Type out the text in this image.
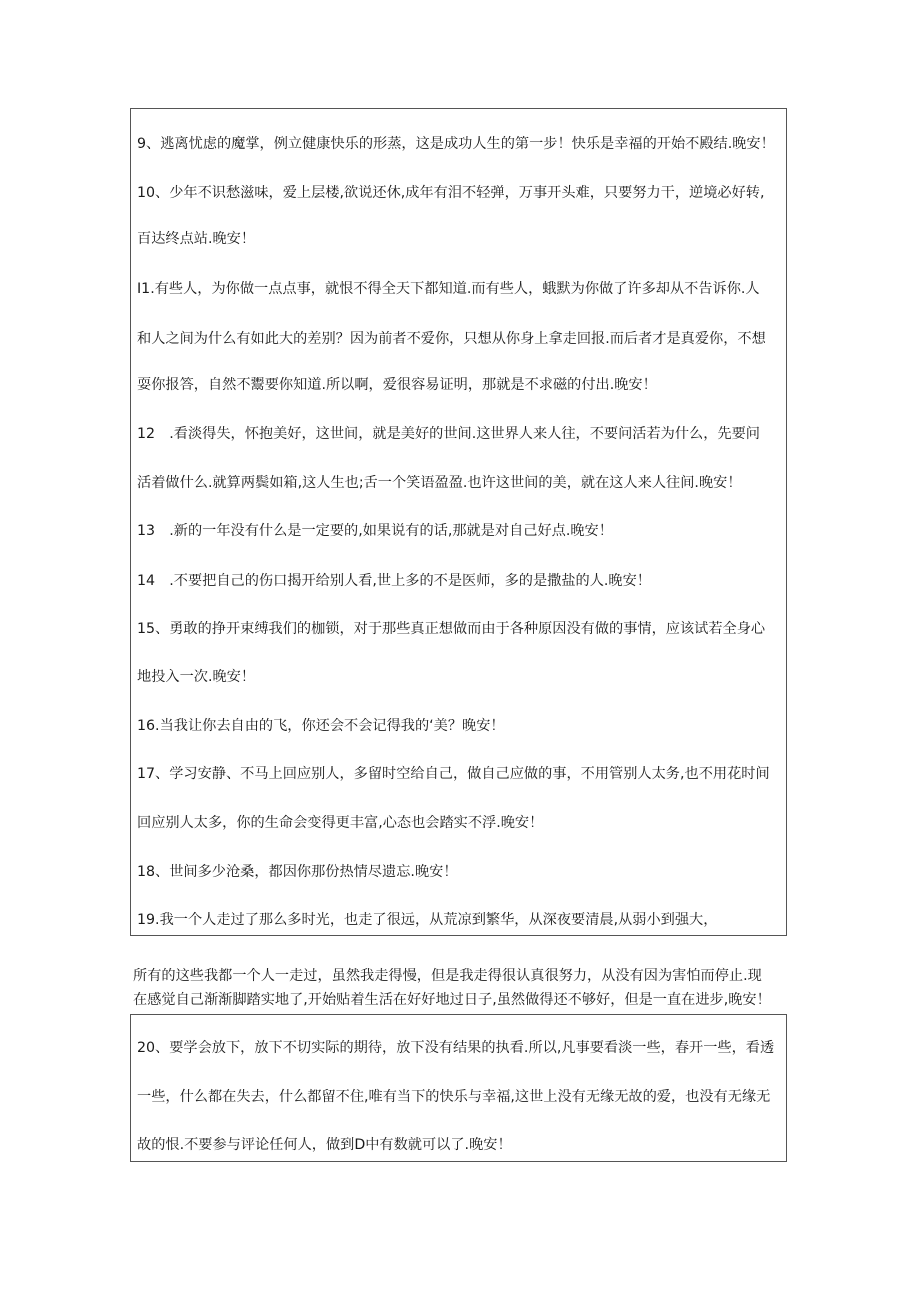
9、逃离忧虑的魔掌，例立健康快乐的形蒸，这是成功人生的第一步！快乐是幸福的开始不殿结.晚安！
10、少年不识愁滋味，爱上层楼,欲说还休,成年有泪不轻弹，万事开头难，只要努力干，逆境必好转,
百达终点站.晚安！
I1.有些人，为你做一点点事，就恨不得全天下都知道.而有些人，蛾默为你做了许多却从不告诉你.人
和人之间为什么有如此大的差别？因为前者不爱你，只想从你身上拿走回报.而后者才是真爱你，不想
耍你报答，自然不鬻要你知道.所以啊，爱很容易证明，那就是不求磁的付出.晚安！
12　.看淡得失，怀抱美好，这世间，就是美好的世间.这世界人来人往，不要问活若为什么，先要问
活着做什么.就算两鬓如箱,这人生也;舌一个笑语盈盈.也许这世间的美，就在这人来人往间.晚安！
13　.新的一年没有什么是一定要的,如果说有的话,那就是对自己好点.晚安！
14　.不要把自己的伤口揭开给别人看,世上多的不是医师，多的是撒盐的人.晚安！
15、勇敢的挣开束缚我们的枷锁，对于那些真正想做而由于各种原因没有做的事情，应该试若全身心
地投入一次.晚安！
16.当我让你去自由的飞，你还会不会记得我的‘美？晚安！
17、学习安静、不马上回应别人，多留时空给自己，做自己应做的事，不用管别人太务,也不用花时间
回应别人太多，你的生命会变得更丰富,心态也会踏实不浮.晚安！
18、世间多少沧桑，都因你那份热情尽遗忘.晚安！
19.我一个人走过了那么多时光，也走了很远，从荒凉到繁华，从深夜要清晨,从弱小到强大，
所有的这些我都一个人一走过，虽然我走得慢，但是我走得很认真很努力，从没有因为害怕而停止.现
在感觉自己渐渐脚踏实地了,开始贴着生活在好好地过日子,虽然做得还不够好，但是一直在进步,晚安！
20、要学会放下，放下不切实际的期待，放下没有结果的执看.所以,凡事要看淡一些，春开一些，看透
一些，什么都在失去，什么都留不住,唯有当下的快乐与幸福,这世上没有无缘无故的爱，也没有无缘无
故的恨.不要参与评论任何人，做到D中有数就可以了.晚安！
